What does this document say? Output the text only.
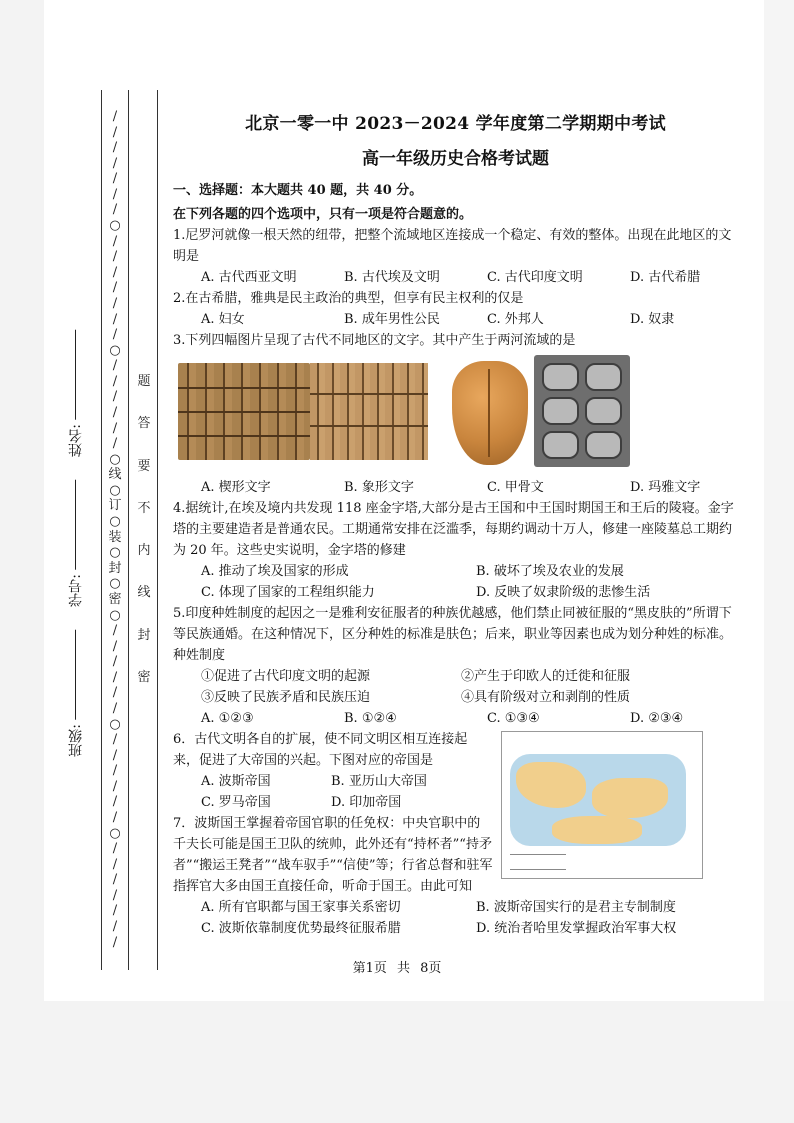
/
/
/
/
/
/
/
○
/
/
/
/
/
/
/
○
/
/
/
/
/
/
○
线
○
订
○
装
○
封
○
密
○
/
/
/
/
/
/
○
/
/
/
/
/
/
○
/
/
/
/
/
/
/
题
答
要
不
内
线
封
密
姓名:
学号:
班级:
北京一零一中 2023－2024 学年度第二学期期中考试
高一年级历史合格考试题
一、选择题：本大题共 40 题，共 40 分。
在下列各题的四个选项中，只有一项是符合题意的。

1.尼罗河就像一根天然的纽带，把整个流域地区连接成一个稳定、有效的整体。出现在此地区的文明是

A. 古代西亚文明	B. 古代埃及文明	C. 古代印度文明	D. 古代希腊

2.在古希腊，雅典是民主政治的典型，但享有民主权利的仅是

A. 妇女	B. 成年男性公民	C. 外邦人	D. 奴隶

3.下列四幅图片呈现了古代不同地区的文字。其中产生于两河流域的是

A. 楔形文字	B. 象形文字	C. 甲骨文	D. 玛雅文字

4.据统计,在埃及境内共发现 118 座金字塔,大部分是古王国和中王国时期国王和王后的陵寝。金字塔的主要建造者是普通农民。工期通常安排在泛滥季，每期约调动十万人，修建一座陵墓总工期约为 20 年。这些史实说明，金字塔的修建

A. 推动了埃及国家的形成	B. 破坏了埃及农业的发展
C. 体现了国家的工程组织能力	D. 反映了奴隶阶级的悲惨生活

5.印度种姓制度的起因之一是雅利安征服者的种族优越感，他们禁止同被征服的“黑皮肤的”所谓下等民族通婚。在这种情况下，区分种姓的标准是肤色；后来，职业等因素也成为划分种姓的标准。种姓制度

①促进了古代印度文明的起源	②产生于印欧人的迁徙和征服
③反映了民族矛盾和民族压迫	④具有阶级对立和剥削的性质
A. ①②③	B. ①②④	C. ①③④	D. ②③④

6．古代文明各自的扩展，使不同文明区相互连接起来，促进了大帝国的兴起。下图对应的帝国是

A. 波斯帝国	B. 亚历山大帝国
C. 罗马帝国	D. 印加帝国

7．波斯国王掌握着帝国官职的任免权：中央官职中的千夫长可能是国王卫队的统帅，此外还有“持杯者”“持矛者”“搬运王凳者”“战车驭手”“信使”等；行省总督和驻军指挥官大多由国王直接任命，听命于国王。由此可知

A. 所有官职都与国王家事关系密切	B. 波斯帝国实行的是君主专制制度
C. 波斯依靠制度优势最终征服希腊	D. 统治者哈里发掌握政治军事大权
第1页 共 8页
